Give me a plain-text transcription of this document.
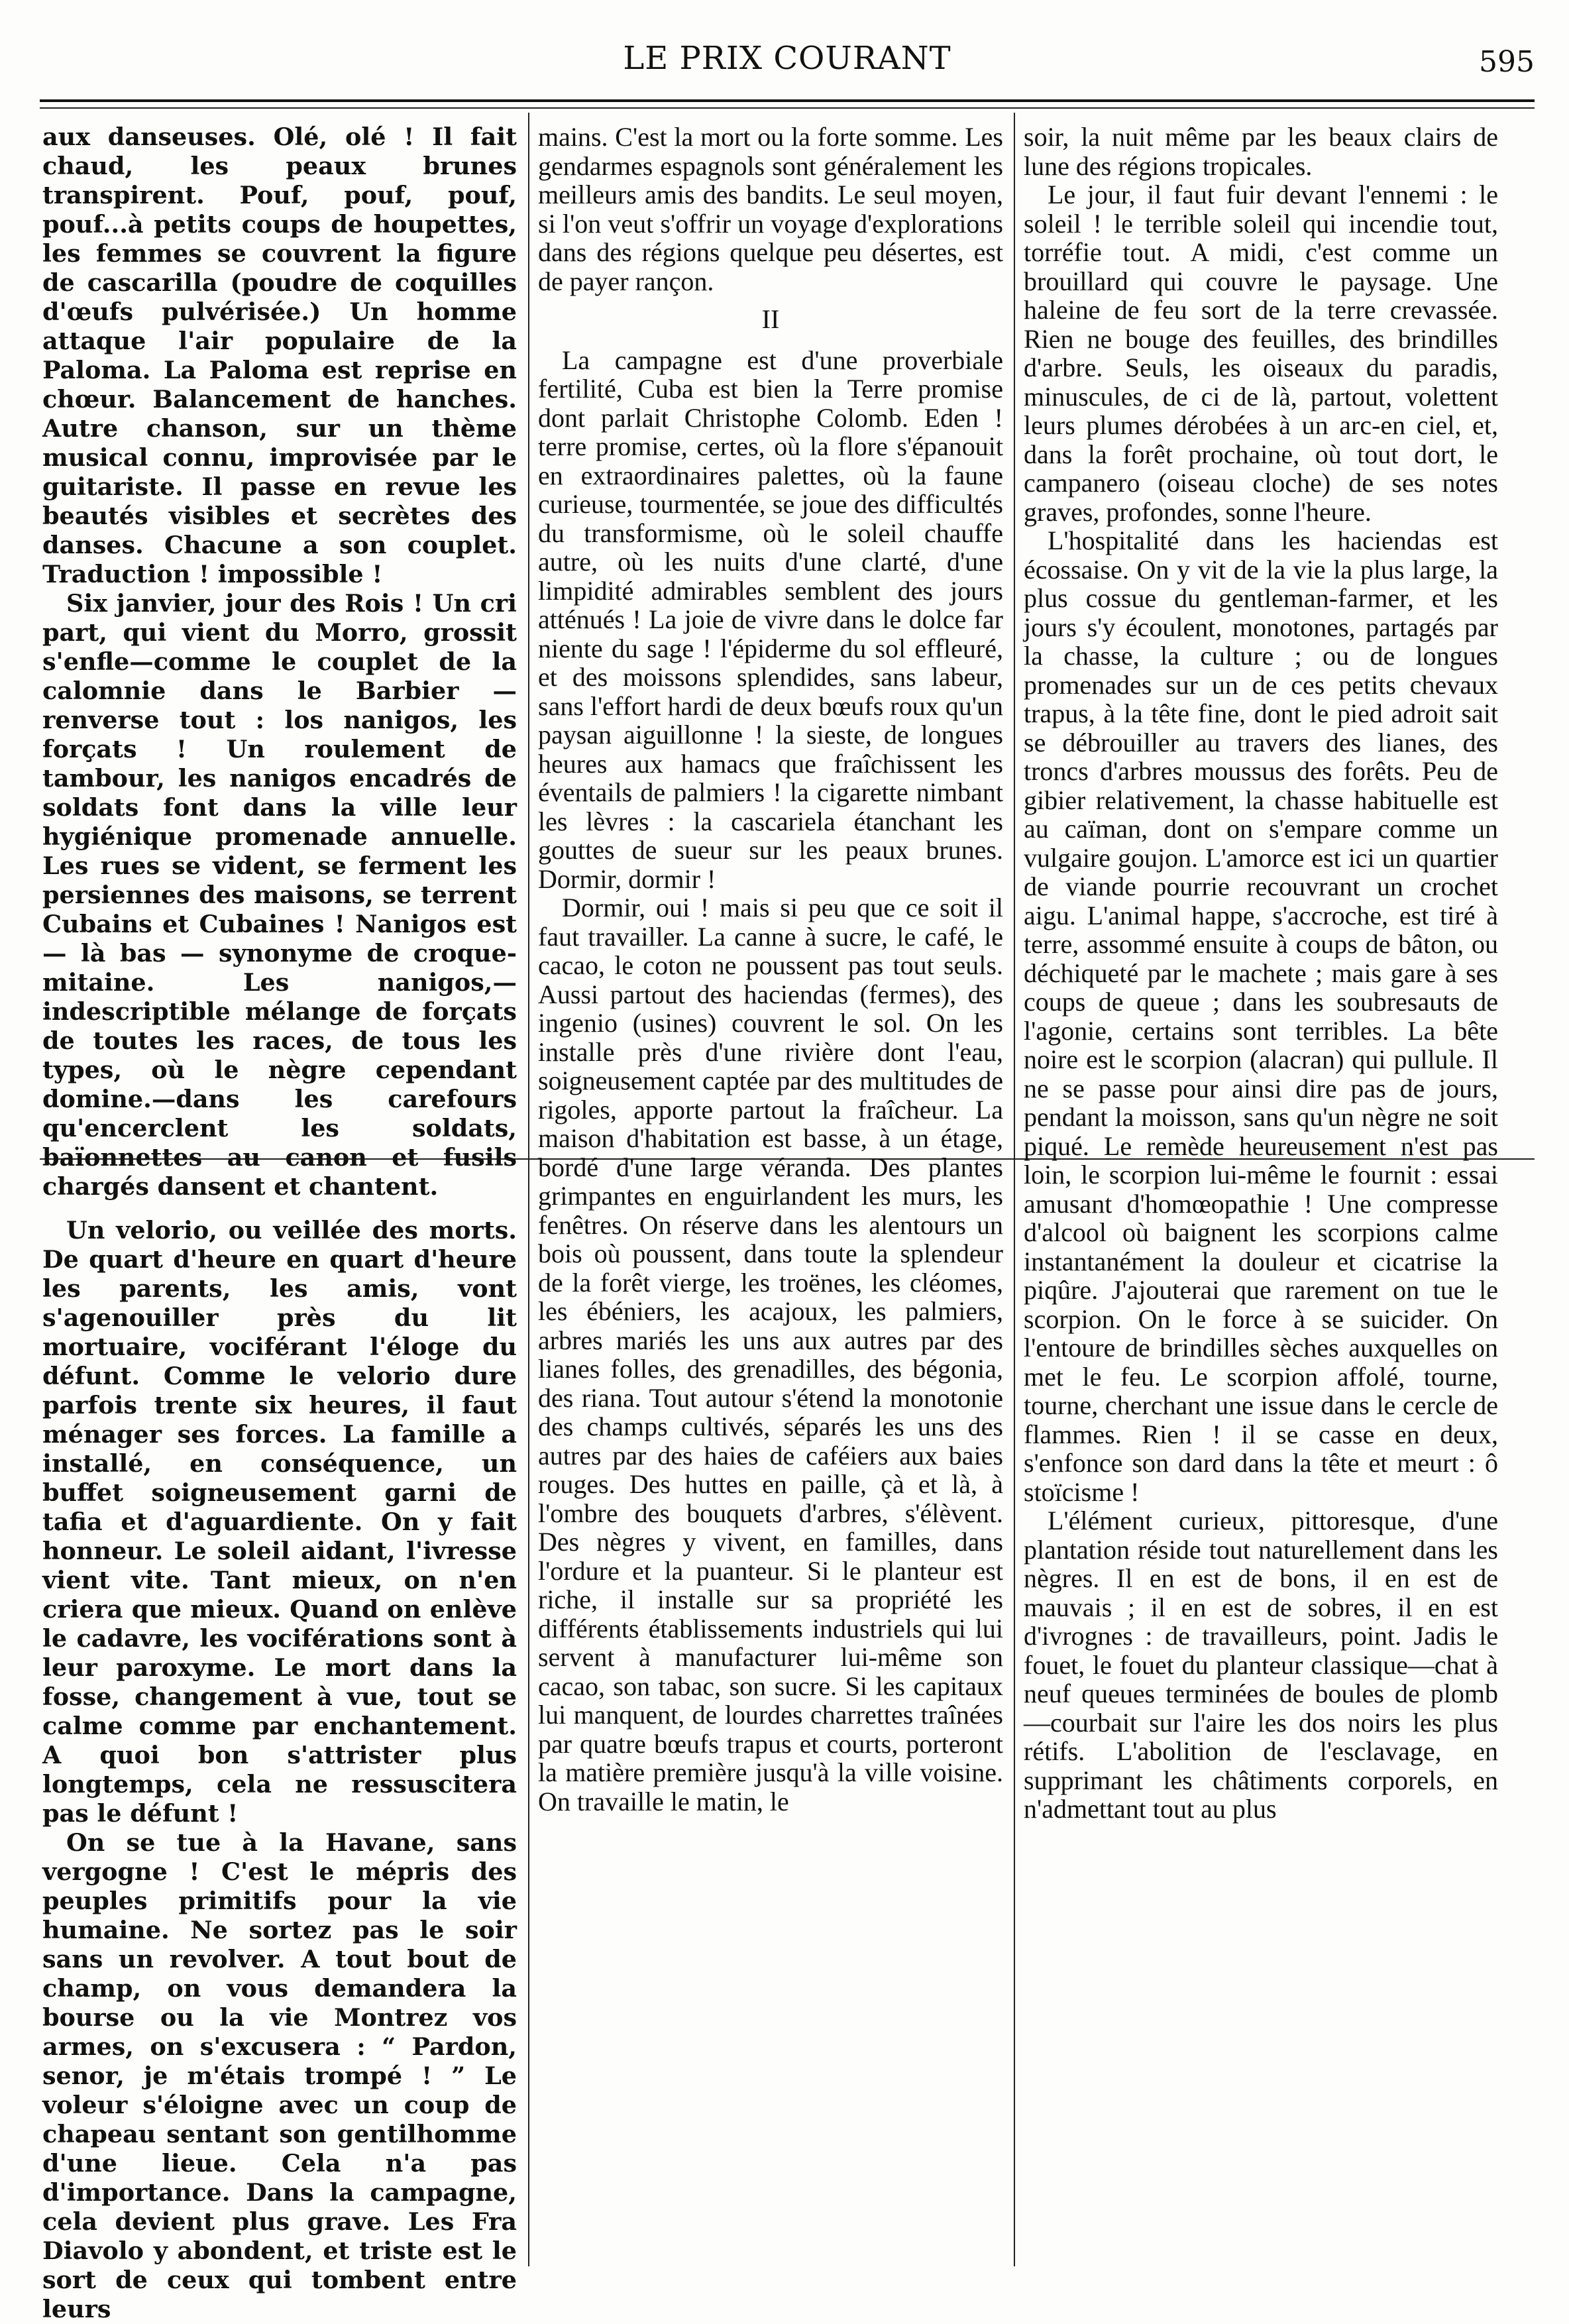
LE PRIX COURANT	595

aux danseuses. Olé, olé ! Il fait chaud, les peaux brunes transpirent. Pouf, pouf, pouf, pouf...à petits coups de houpettes, les femmes se couvrent la figure de cascarilla (poudre de coquilles d'œufs pulvérisée.) Un homme attaque l'air populaire de la Paloma. La Paloma est reprise en chœur. Balancement de hanches. Autre chanson, sur un thème musical connu, improvisée par le guitariste. Il passe en revue les beautés visibles et secrètes des danses. Chacune a son couplet. Traduction ! impossible !

Six janvier, jour des Rois ! Un cri part, qui vient du Morro, grossit s'enfle—comme le couplet de la calomnie dans le Barbier — renverse tout : los nanigos, les forçats ! Un roulement de tambour, les nanigos encadrés de soldats font dans la ville leur hygiénique promenade annuelle. Les rues se vident, se ferment les persiennes des maisons, se terrent Cubains et Cubaines ! Nanigos est — là bas — synonyme de croque-mitaine. Les nanigos,—indescriptible mélange de forçats de toutes les races, de tous les types, où le nègre cependant domine.—dans les carefours qu'encerclent les soldats, baïonnettes au canon et fusils chargés dansent et chantent.

Un velorio, ou veillée des morts. De quart d'heure en quart d'heure les parents, les amis, vont s'agenouiller près du lit mortuaire, vociférant l'éloge du défunt. Comme le velorio dure parfois trente six heures, il faut ménager ses forces. La famille a installé, en conséquence, un buffet soigneusement garni de tafia et d'aguardiente. On y fait honneur. Le soleil aidant, l'ivresse vient vite. Tant mieux, on n'en criera que mieux. Quand on enlève le cadavre, les vociférations sont à leur paroxyme. Le mort dans la fosse, changement à vue, tout se calme comme par enchantement. A quoi bon s'attrister plus longtemps, cela ne ressuscitera pas le défunt !

On se tue à la Havane, sans vergogne ! C'est le mépris des peuples primitifs pour la vie humaine. Ne sortez pas le soir sans un revolver. A tout bout de champ, on vous demandera la bourse ou la vie Montrez vos armes, on s'excusera : “ Pardon, senor, je m'étais trompé ! ” Le voleur s'éloigne avec un coup de chapeau sentant son gentilhomme d'une lieue. Cela n'a pas d'importance. Dans la campagne, cela devient plus grave. Les Fra Diavolo y abondent, et triste est le sort de ceux qui tombent entre leurs

mains. C'est la mort ou la forte somme. Les gendarmes espagnols sont généralement les meilleurs amis des bandits. Le seul moyen, si l'on veut s'offrir un voyage d'explorations dans des régions quelque peu désertes, est de payer rançon.

II

La campagne est d'une proverbiale fertilité, Cuba est bien la Terre promise dont parlait Christophe Colomb. Eden ! terre promise, certes, où la flore s'épanouit en extraordinaires palettes, où la faune curieuse, tourmentée, se joue des difficultés du transformisme, où le soleil chauffe autre, où les nuits d'une clarté, d'une limpidité admirables semblent des jours atténués ! La joie de vivre dans le dolce far niente du sage ! l'épiderme du sol effleuré, et des moissons splendides, sans labeur, sans l'effort hardi de deux bœufs roux qu'un paysan aiguillonne ! la sieste, de longues heures aux hamacs que fraîchissent les éventails de palmiers ! la cigarette nimbant les lèvres : la cascariela étanchant les gouttes de sueur sur les peaux brunes. Dormir, dormir !

Dormir, oui ! mais si peu que ce soit il faut travailler. La canne à sucre, le café, le cacao, le coton ne poussent pas tout seuls. Aussi partout des haciendas (fermes), des ingenio (usines) couvrent le sol. On les installe près d'une rivière dont l'eau, soigneusement captée par des multitudes de rigoles, apporte partout la fraîcheur. La maison d'habitation est basse, à un étage, bordé d'une large véranda. Des plantes grimpantes en enguirlandent les murs, les fenêtres. On réserve dans les alentours un bois où poussent, dans toute la splendeur de la forêt vierge, les troënes, les cléomes, les ébéniers, les acajoux, les palmiers, arbres mariés les uns aux autres par des lianes folles, des grenadilles, des bégonia, des riana. Tout autour s'étend la monotonie des champs cultivés, séparés les uns des autres par des haies de caféiers aux baies rouges. Des huttes en paille, çà et là, à l'ombre des bouquets d'arbres, s'élèvent. Des nègres y vivent, en familles, dans l'ordure et la puanteur. Si le planteur est riche, il installe sur sa propriété les différents établissements industriels qui lui servent à manufacturer lui-même son cacao, son tabac, son sucre. Si les capitaux lui manquent, de lourdes charrettes traînées par quatre bœufs trapus et courts, porteront la matière première jusqu'à la ville voisine. On travaille le matin, le

soir, la nuit même par les beaux clairs de lune des régions tropicales.

Le jour, il faut fuir devant l'ennemi : le soleil ! le terrible soleil qui incendie tout, torréfie tout. A midi, c'est comme un brouillard qui couvre le paysage. Une haleine de feu sort de la terre crevassée. Rien ne bouge des feuilles, des brindilles d'arbre. Seuls, les oiseaux du paradis, minuscules, de ci de là, partout, volettent leurs plumes dérobées à un arc-en ciel, et, dans la forêt prochaine, où tout dort, le campanero (oiseau cloche) de ses notes graves, profondes, sonne l'heure.

L'hospitalité dans les haciendas est écossaise. On y vit de la vie la plus large, la plus cossue du gentleman-farmer, et les jours s'y écoulent, monotones, partagés par la chasse, la culture ; ou de longues promenades sur un de ces petits chevaux trapus, à la tête fine, dont le pied adroit sait se débrouiller au travers des lianes, des troncs d'arbres moussus des forêts. Peu de gibier relativement, la chasse habituelle est au caïman, dont on s'empare comme un vulgaire goujon. L'amorce est ici un quartier de viande pourrie recouvrant un crochet aigu. L'animal happe, s'accroche, est tiré à terre, assommé ensuite à coups de bâton, ou déchiqueté par le machete ; mais gare à ses coups de queue ; dans les soubresauts de l'agonie, certains sont terribles. La bête noire est le scorpion (alacran) qui pullule. Il ne se passe pour ainsi dire pas de jours, pendant la moisson, sans qu'un nègre ne soit piqué. Le remède heureusement n'est pas loin, le scorpion lui-même le fournit : essai amusant d'homœopathie ! Une compresse d'alcool où baignent les scorpions calme instantanément la douleur et cicatrise la piqûre. J'ajouterai que rarement on tue le scorpion. On le force à se suicider. On l'entoure de brindilles sèches auxquelles on met le feu. Le scorpion affolé, tourne, tourne, cherchant une issue dans le cercle de flammes. Rien ! il se casse en deux, s'enfonce son dard dans la tête et meurt : ô stoïcisme !

L'élément curieux, pittoresque, d'une plantation réside tout naturellement dans les nègres. Il en est de bons, il en est de mauvais ; il en est de sobres, il en est d'ivrognes : de travailleurs, point. Jadis le fouet, le fouet du planteur classique—chat à neuf queues terminées de boules de plomb—courbait sur l'aire les dos noirs les plus rétifs. L'abolition de l'esclavage, en supprimant les châtiments corporels, en n'admettant tout au plus
